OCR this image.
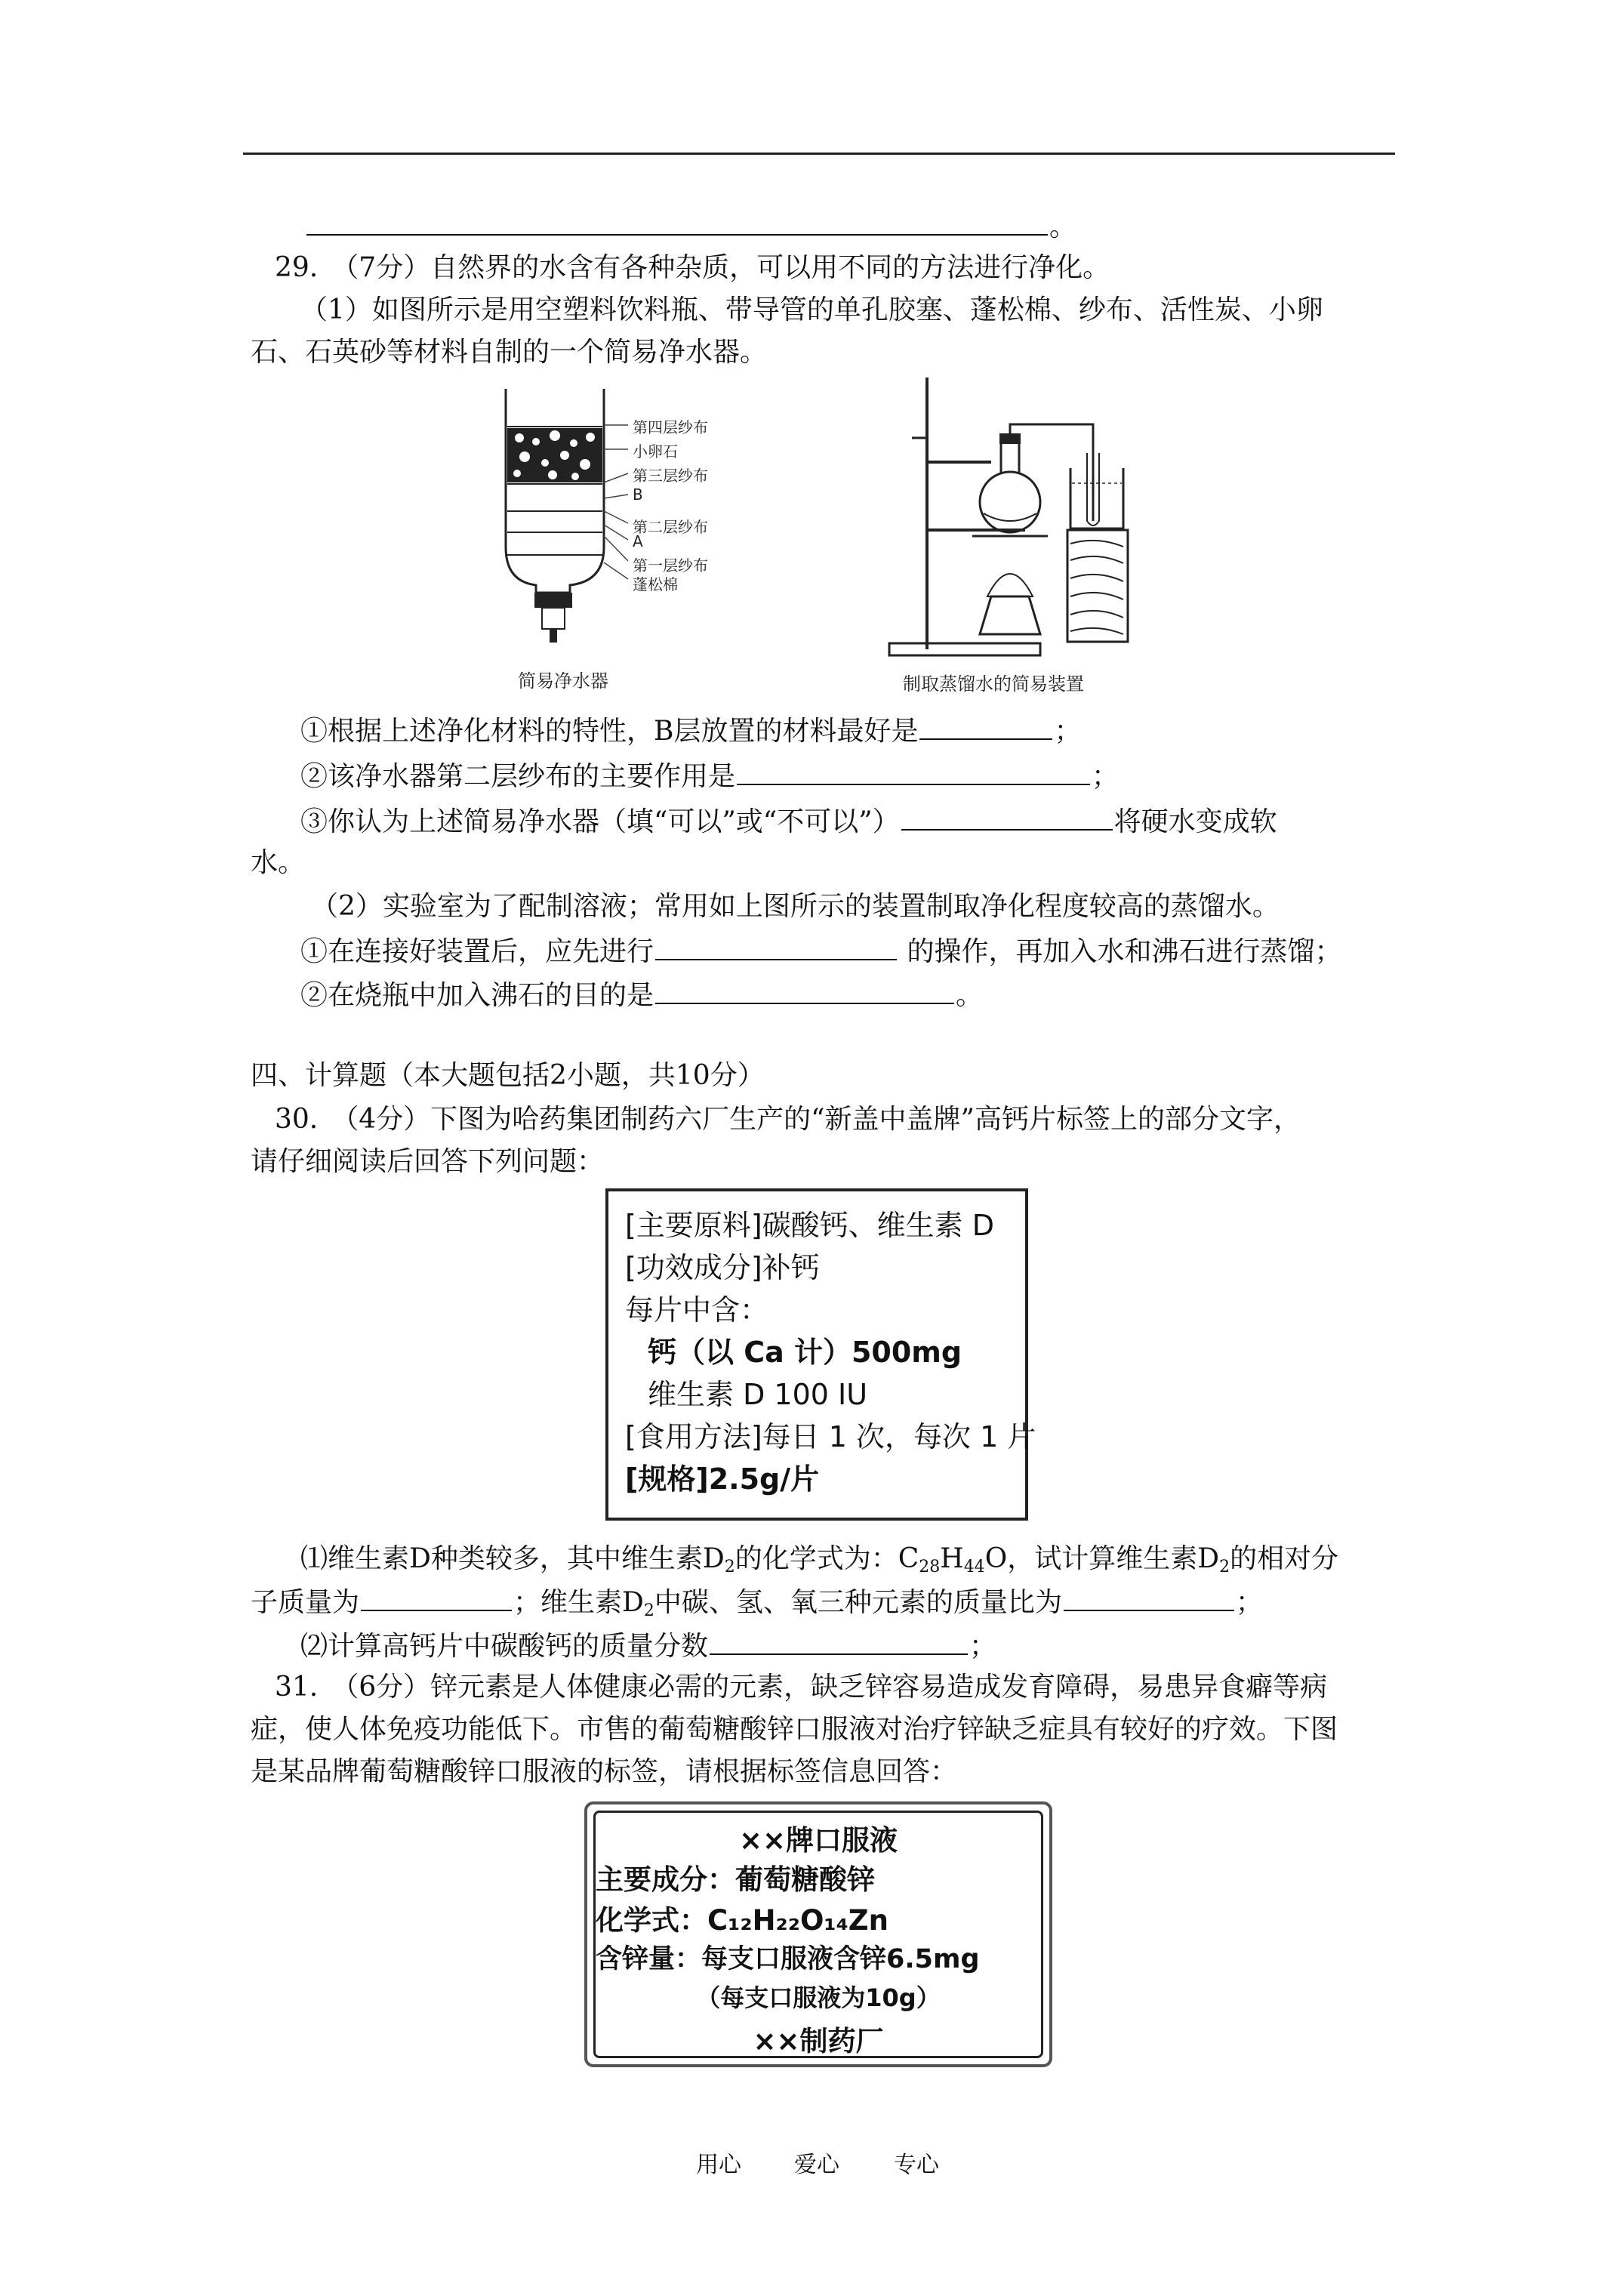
。
29.　（7分）自然界的水含有各种杂质，可以用不同的方法进行净化。
（1）如图所示是用空塑料饮料瓶、带导管的单孔胶塞、蓬松棉、纱布、活性炭、小卵
石、石英砂等材料自制的一个简易净水器。
第四层纱布
小卵石
第三层纱布
B
第二层纱布
A
第一层纱布
蓬松棉
简易净水器	制取蒸馏水的简易装置
①根据上述净化材料的特性，B层放置的材料最好是	；
②该净水器第二层纱布的主要作用是	；
③你认为上述简易净水器（填“可以”或“不可以”）	将硬水变成软
水。
（2）实验室为了配制溶液；常用如上图所示的装置制取净化程度较高的蒸馏水。
①在连接好装置后，应先进行	的操作，再加入水和沸石进行蒸馏；
②在烧瓶中加入沸石的目的是	。
四、计算题（本大题包括2小题，共10分）
30.　（4分）下图为哈药集团制药六厂生产的“新盖中盖牌”高钙片标签上的部分文字，
请仔细阅读后回答下列问题：
[主要原料]碳酸钙、维生素 D
[功效成分]补钙
每片中含：
钙（以 Ca 计）500mg
维生素 D 100 IU
[食用方法]每日 1 次，每次 1 片
[规格]2.5g/片
⑴维生素D种类较多，其中维生素$D_2$的化学式为：$C_{28}H_{44}O$，试计算维生素$D_2$的相对分
子质量为	；维生素$D_2$中碳、氢、氧三种元素的质量比为	；
⑵计算高钙片中碳酸钙的质量分数	；
31.　（6分）锌元素是人体健康必需的元素，缺乏锌容易造成发育障碍，易患异食癖等病
症，使人体免疫功能低下。市售的葡萄糖酸锌口服液对治疗锌缺乏症具有较好的疗效。下图
是某品牌葡萄糖酸锌口服液的标签，请根据标签信息回答：
××牌口服液
主要成分：葡萄糖酸锌
化学式：C₁₂H₂₂O₁₄Zn
含锌量：每支口服液含锌6.5mg
（每支口服液为10g）
××制药厂
用心 爱心 专心
